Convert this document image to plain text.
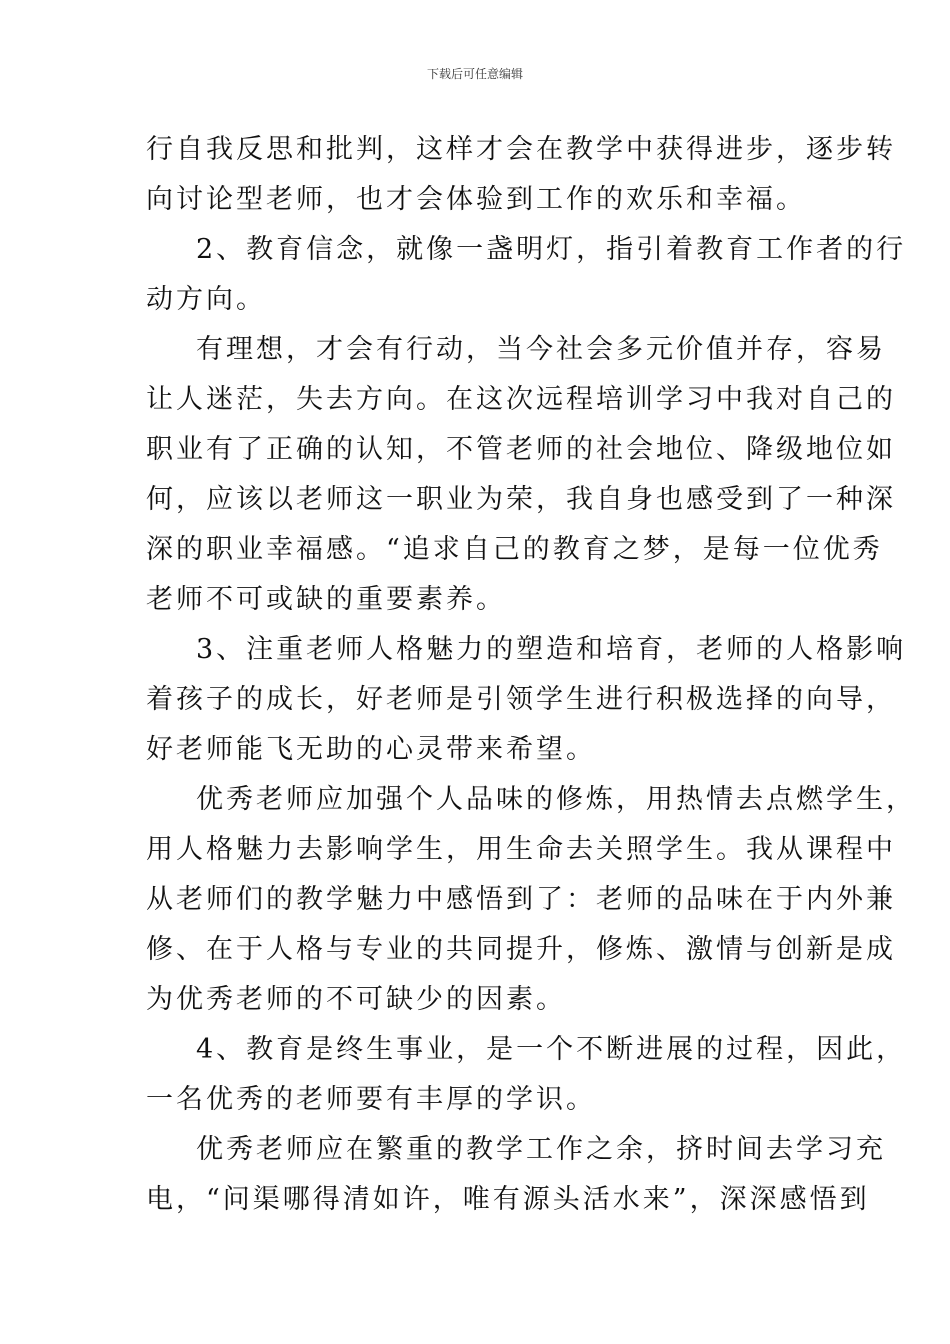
下载后可任意编辑
行自我反思和批判，这样才会在教学中获得进步，逐步转
向讨论型老师，也才会体验到工作的欢乐和幸福。
2、教育信念，就像一盏明灯，指引着教育工作者的行
动方向。
有理想，才会有行动，当今社会多元价值并存，容易
让人迷茫，失去方向。在这次远程培训学习中我对自己的
职业有了正确的认知，不管老师的社会地位、降级地位如
何，应该以老师这一职业为荣，我自身也感受到了一种深
深的职业幸福感。“追求自己的教育之梦，是每一位优秀
老师不可或缺的重要素养。
3、注重老师人格魅力的塑造和培育，老师的人格影响
着孩子的成长，好老师是引领学生进行积极选择的向导，
好老师能飞无助的心灵带来希望。
优秀老师应加强个人品味的修炼，用热情去点燃学生，
用人格魅力去影响学生，用生命去关照学生。我从课程中
从老师们的教学魅力中感悟到了：老师的品味在于内外兼
修、在于人格与专业的共同提升，修炼、激情与创新是成
为优秀老师的不可缺少的因素。
4、教育是终生事业，是一个不断进展的过程，因此，
一名优秀的老师要有丰厚的学识。
优秀老师应在繁重的教学工作之余，挤时间去学习充
电，“问渠哪得清如许，唯有源头活水来”，深深感悟到
